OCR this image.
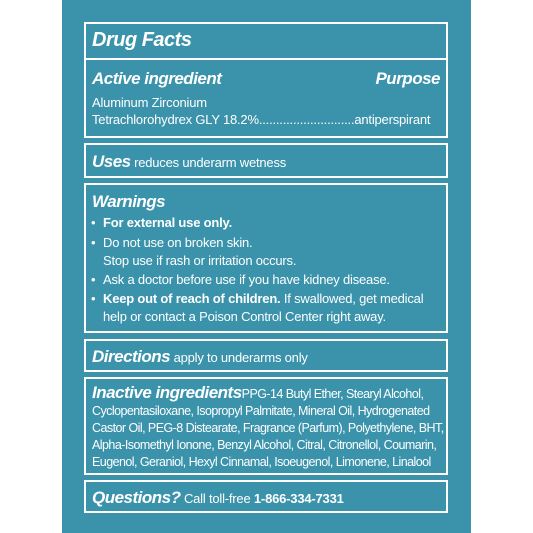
Drug Facts
Active ingredient	Purpose
Aluminum Zirconium
Tetrachlorohydrex GLY 18.2%............................antiperspirant
Uses reduces underarm wetness
Warnings
• For external use only.
• Do not use on broken skin.
Stop use if rash or irritation occurs.
• Ask a doctor before use if you have kidney disease.
• Keep out of reach of children. If swallowed, get medical
help or contact a Poison Control Center right away.
Directions apply to underarms only
Inactive ingredientsPPG-14 Butyl Ether, Stearyl Alcohol,
Cyclopentasiloxane, Isopropyl Palmitate, Mineral Oil, Hydrogenated
Castor Oil, PEG-8 Distearate, Fragrance (Parfum), Polyethylene, BHT,
Alpha-Isomethyl Ionone, Benzyl Alcohol, Citral, Citronellol, Coumarin,
Eugenol, Geraniol, Hexyl Cinnamal, Isoeugenol, Limonene, Linalool
Questions? Call toll-free 1-866-334-7331
